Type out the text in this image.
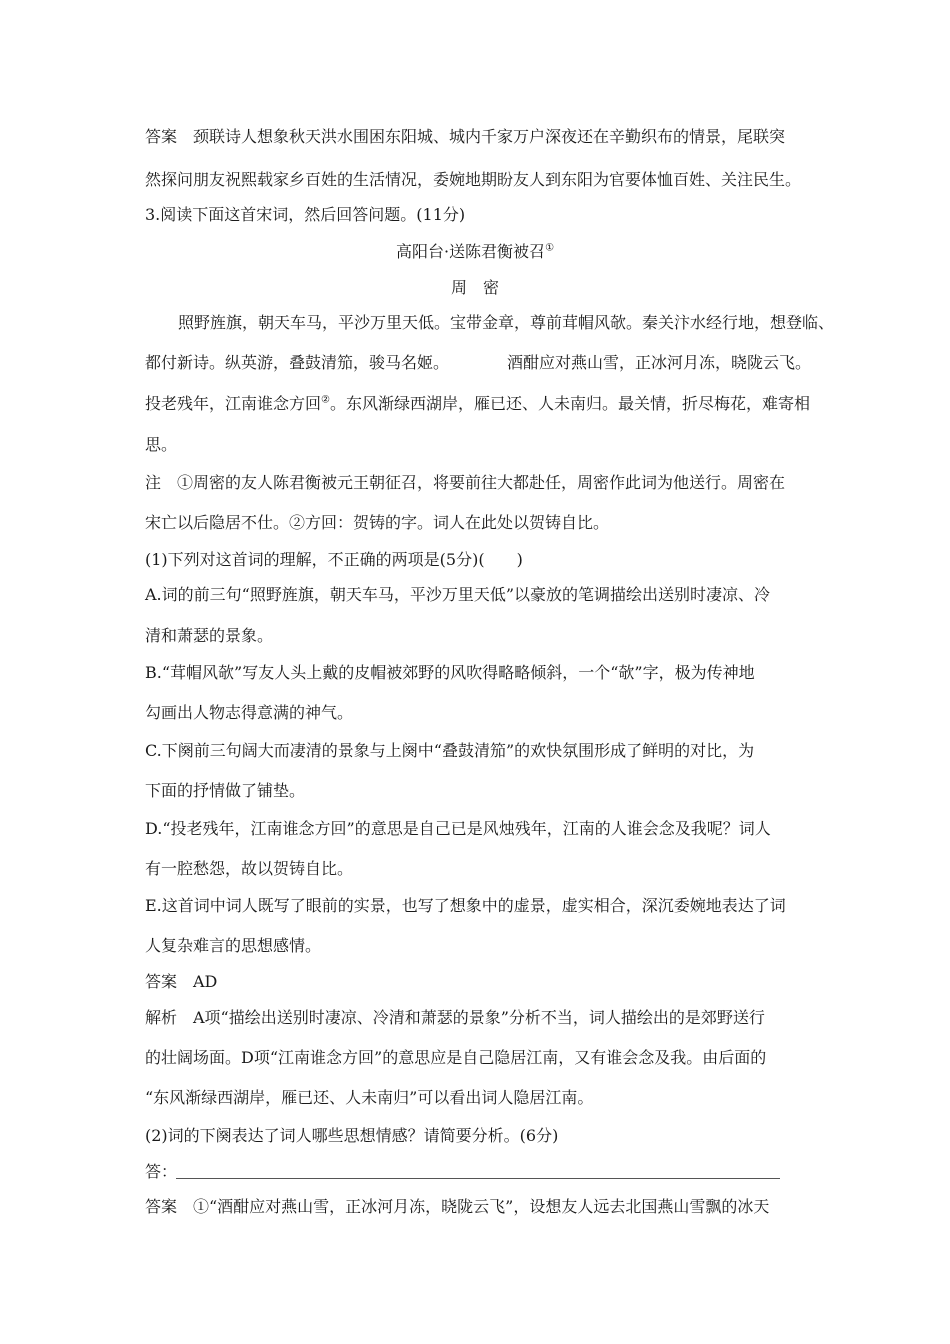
答案　颈联诗人想象秋天洪水围困东阳城、城内千家万户深夜还在辛勤织布的情景，尾联突
然探问朋友祝熙载家乡百姓的生活情况，委婉地期盼友人到东阳为官要体恤百姓、关注民生。
3.阅读下面这首宋词，然后回答问题。(11分)
高阳台·送陈君衡被召①
周　密
照野旌旗，朝天车马，平沙万里天低。宝带金章，尊前茸帽风欹。秦关汴水经行地，想登临、
都付新诗。纵英游，叠鼓清笳，骏马名姬。	酒酣应对燕山雪，正冰河月冻，晓陇云飞。
投老残年，江南谁念方回②。东风渐绿西湖岸，雁已还、人未南归。最关情，折尽梅花，难寄相
思。
注　①周密的友人陈君衡被元王朝征召，将要前往大都赴任，周密作此词为他送行。周密在
宋亡以后隐居不仕。②方回：贺铸的字。词人在此处以贺铸自比。
(1)下列对这首词的理解，不正确的两项是(5分)(　　)
A.词的前三句“照野旌旗，朝天车马，平沙万里天低”以豪放的笔调描绘出送别时凄凉、冷
清和萧瑟的景象。
B.“茸帽风欹”写友人头上戴的皮帽被郊野的风吹得略略倾斜，一个“欹”字，极为传神地
勾画出人物志得意满的神气。
C.下阕前三句阔大而凄清的景象与上阕中“叠鼓清笳”的欢快氛围形成了鲜明的对比，为
下面的抒情做了铺垫。
D.“投老残年，江南谁念方回”的意思是自己已是风烛残年，江南的人谁会念及我呢？词人
有一腔愁怨，故以贺铸自比。
E.这首词中词人既写了眼前的实景，也写了想象中的虚景，虚实相合，深沉委婉地表达了词
人复杂难言的思想感情。
答案　AD
解析　A项“描绘出送别时凄凉、冷清和萧瑟的景象”分析不当，词人描绘出的是郊野送行
的壮阔场面。D项“江南谁念方回”的意思应是自己隐居江南，又有谁会念及我。由后面的
“东风渐绿西湖岸，雁已还、人未南归”可以看出词人隐居江南。
(2)词的下阕表达了词人哪些思想情感？请简要分析。(6分)
答：
答案　①“酒酣应对燕山雪，正冰河月冻，晓陇云飞”，设想友人远去北国燕山雪飘的冰天
